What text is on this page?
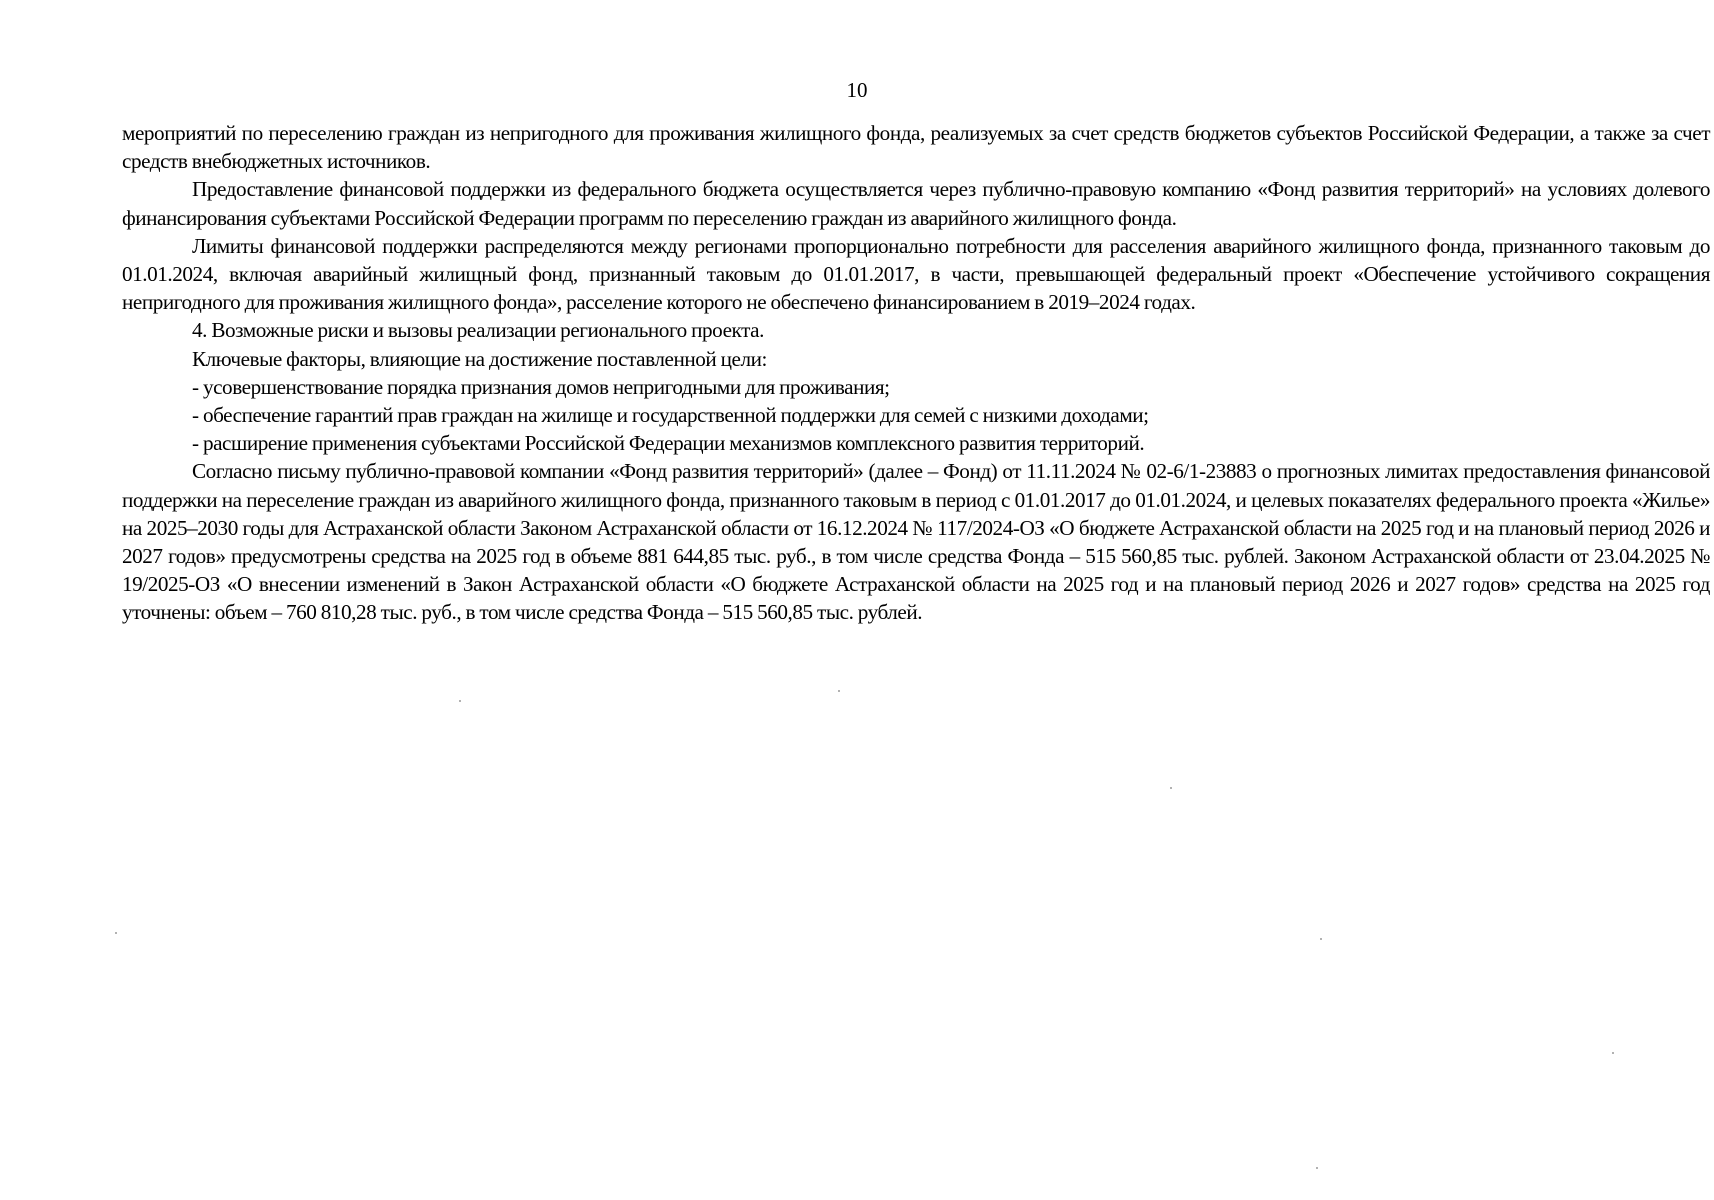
10

мероприятий по переселению граждан из непригодного для проживания жилищного фонда, реализуемых за счет средств бюджетов субъектов Российской Федерации, а также за счет средств внебюджетных источников.

Предоставление финансовой поддержки из федерального бюджета осуществляется через публично-правовую компанию «Фонд развития территорий» на условиях долевого финансирования субъектами Российской Федерации программ по переселению граждан из аварийного жилищного фонда.

Лимиты финансовой поддержки распределяются между регионами пропорционально потребности для расселения аварийного жилищного фонда, признанного таковым до 01.01.2024, включая аварийный жилищный фонд, признанный таковым до 01.01.2017, в части, превышающей федеральный проект «Обеспечение устойчивого сокращения непригодного для проживания жилищного фонда», расселение которого не обеспечено финансированием в 2019–2024 годах.

4. Возможные риски и вызовы реализации регионального проекта.

Ключевые факторы, влияющие на достижение поставленной цели:

- усовершенствование порядка признания домов непригодными для проживания;

- обеспечение гарантий прав граждан на жилище и государственной поддержки для семей с низкими доходами;

- расширение применения субъектами Российской Федерации механизмов комплексного развития территорий.

Согласно письму публично-правовой компании «Фонд развития территорий» (далее – Фонд) от 11.11.2024 № 02-6/1-23883 о прогнозных лимитах предоставления финансовой поддержки на переселение граждан из аварийного жилищного фонда, признанного таковым в период с 01.01.2017 до 01.01.2024, и целевых показателях федерального проекта «Жилье» на 2025–2030 годы для Астраханской области Законом Астраханской области от 16.12.2024 № 117/2024-ОЗ «О бюджете Астраханской области на 2025 год и на плановый период 2026 и 2027 годов» предусмотрены средства на 2025 год в объеме 881 644,85 тыс. руб., в том числе средства Фонда – 515 560,85 тыс. рублей. Законом Астраханской области от 23.04.2025 № 19/2025-ОЗ «О внесении изменений в Закон Астраханской области «О бюджете Астраханской области на 2025 год и на плановый период 2026 и 2027 годов» средства на 2025 год уточнены: объем – 760 810,28 тыс. руб., в том числе средства Фонда – 515 560,85 тыс. рублей.
